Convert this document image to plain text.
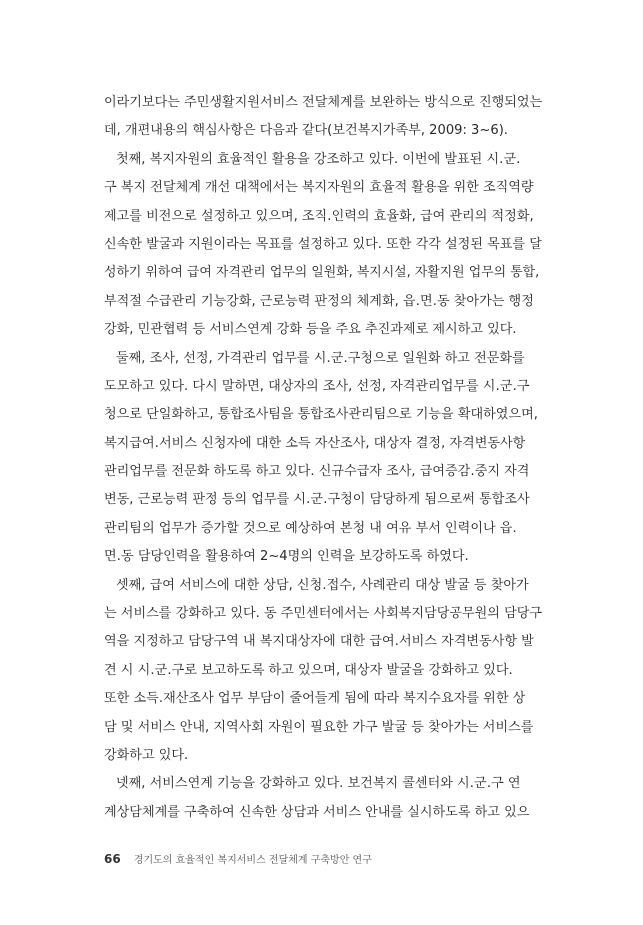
이라기보다는 주민생활지원서비스 전달체계를 보완하는 방식으로 진행되었는
데, 개편내용의 핵심사항은 다음과 같다(보건복지가족부, 2009: 3~6).
첫째, 복지자원의 효율적인 활용을 강조하고 있다. 이번에 발표된 시․군․
구 복지 전달체계 개선 대책에서는 복지자원의 효율적 활용을 위한 조직역량
제고를 비전으로 설정하고 있으며, 조직․인력의 효율화, 급여 관리의 적정화,
신속한 발굴과 지원이라는 목표를 설정하고 있다. 또한 각각 설정된 목표를 달
성하기 위하여 급여 자격관리 업무의 일원화, 복지시설, 자활지원 업무의 통합,
부적절 수급관리 기능강화, 근로능력 판정의 체계화, 읍․면․동 찾아가는 행정
강화, 민관협력 등 서비스연계 강화 등을 주요 추진과제로 제시하고 있다.
둘째, 조사, 선정, 가격관리 업무를 시․군․구청으로 일원화 하고 전문화를
도모하고 있다. 다시 말하면, 대상자의 조사, 선정, 자격관리업무를 시․군․구
청으로 단일화하고, 통합조사팀을 통합조사관리팀으로 기능을 확대하였으며,
복지급여․서비스 신청자에 대한 소득 자산조사, 대상자 결정, 자격변동사항
관리업무를 전문화 하도록 하고 있다. 신규수급자 조사, 급여증감․중지 자격
변동, 근로능력 판정 등의 업무를 시․군․구청이 담당하게 됨으로써 통합조사
관리팀의 업무가 증가할 것으로 예상하여 본청 내 여유 부서 인력이나 읍․
면․동 담당인력을 활용하여 2~4명의 인력을 보강하도록 하였다.
셋째, 급여 서비스에 대한 상담, 신청․접수, 사례관리 대상 발굴 등 찾아가
는 서비스를 강화하고 있다. 동 주민센터에서는 사회복지담당공무원의 담당구
역을 지정하고 담당구역 내 복지대상자에 대한 급여․서비스 자격변동사항 발
견 시 시․군․구로 보고하도록 하고 있으며, 대상자 발굴을 강화하고 있다.
또한 소득․재산조사 업무 부담이 줄어들게 됨에 따라 복지수요자를 위한 상
담 및 서비스 안내, 지역사회 자원이 필요한 가구 발굴 등 찾아가는 서비스를
강화하고 있다.
넷째, 서비스연계 기능을 강화하고 있다. 보건복지 콜센터와 시․군․구 연
계상담체계를 구축하여 신속한 상담과 서비스 안내를 실시하도록 하고 있으
66 경기도의 효율적인 복지서비스 전달체계 구축방안 연구
